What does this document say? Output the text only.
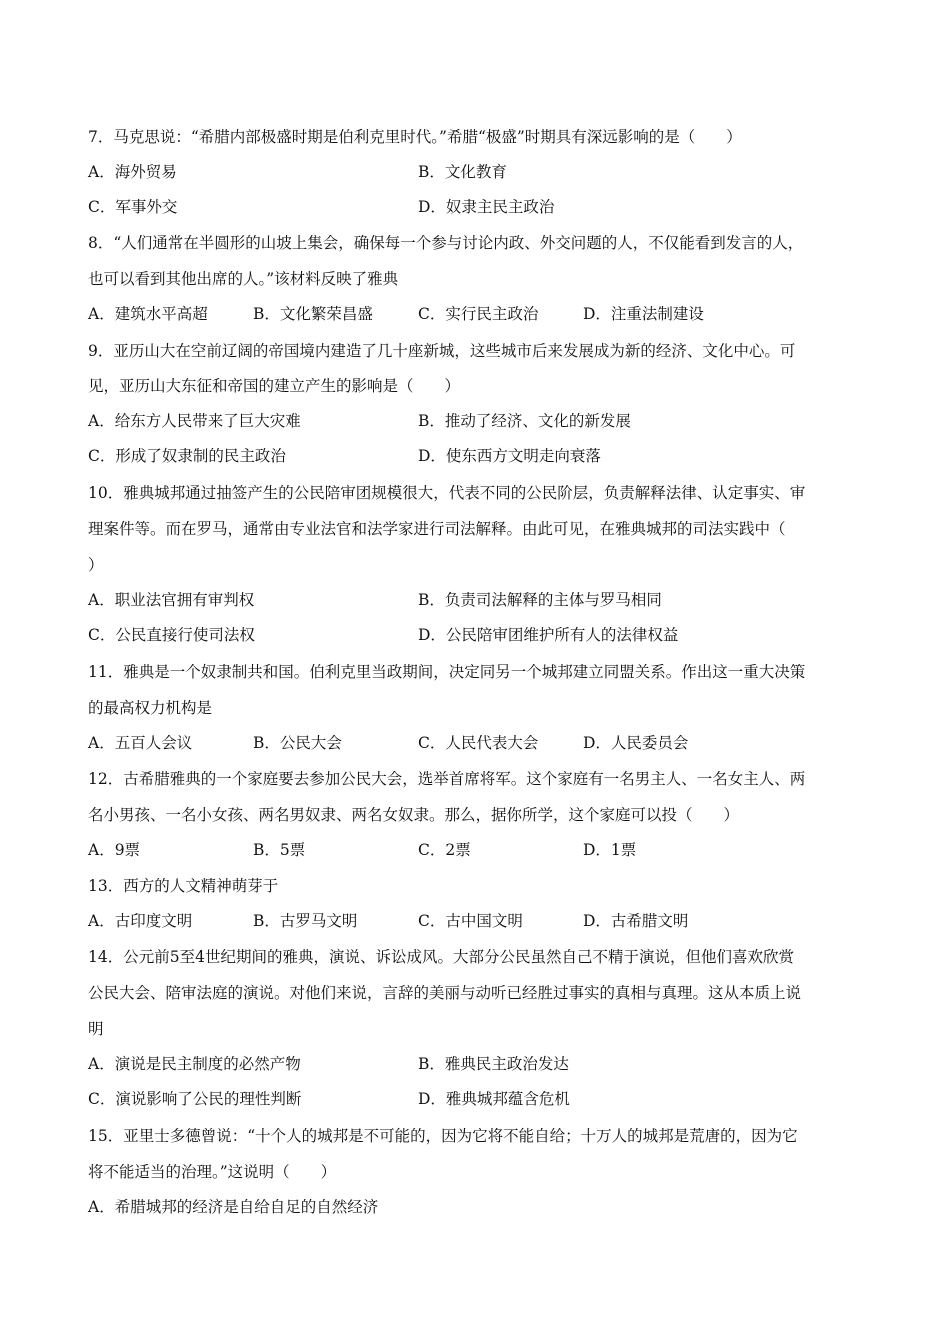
7．马克思说：“希腊内部极盛时期是伯利克里时代。”希腊“极盛”时期具有深远影响的是（　　）
A．海外贸易	B．文化教育
C．军事外交	D．奴隶主民主政治
8．“人们通常在半圆形的山坡上集会，确保每一个参与讨论内政、外交问题的人，不仅能看到发言的人，
也可以看到其他出席的人。”该材料反映了雅典
A．建筑水平高超	B．文化繁荣昌盛	C．实行民主政治	D．注重法制建设
9．亚历山大在空前辽阔的帝国境内建造了几十座新城，这些城市后来发展成为新的经济、文化中心。可
见，亚历山大东征和帝国的建立产生的影响是（　　）
A．给东方人民带来了巨大灾难	B．推动了经济、文化的新发展
C．形成了奴隶制的民主政治	D．使东西方文明走向衰落
10．雅典城邦通过抽签产生的公民陪审团规模很大，代表不同的公民阶层，负责解释法律、认定事实、审
理案件等。而在罗马，通常由专业法官和法学家进行司法解释。由此可见，在雅典城邦的司法实践中（
）
A．职业法官拥有审判权	B．负责司法解释的主体与罗马相同
C．公民直接行使司法权	D．公民陪审团维护所有人的法律权益
11．雅典是一个奴隶制共和国。伯利克里当政期间，决定同另一个城邦建立同盟关系。作出这一重大决策
的最高权力机构是
A．五百人会议	B．公民大会	C．人民代表大会	D．人民委员会
12．古希腊雅典的一个家庭要去参加公民大会，选举首席将军。这个家庭有一名男主人、一名女主人、两
名小男孩、一名小女孩、两名男奴隶、两名女奴隶。那么，据你所学，这个家庭可以投（　　）
A．9票	B．5票	C．2票	D．1票
13．西方的人文精神萌芽于
A．古印度文明	B．古罗马文明	C．古中国文明	D．古希腊文明
14．公元前5至4世纪期间的雅典，演说、诉讼成风。大部分公民虽然自己不精于演说，但他们喜欢欣赏
公民大会、陪审法庭的演说。对他们来说，言辞的美丽与动听已经胜过事实的真相与真理。这从本质上说
明
A．演说是民主制度的必然产物	B．雅典民主政治发达
C．演说影响了公民的理性判断	D．雅典城邦蕴含危机
15．亚里士多德曾说：“十个人的城邦是不可能的，因为它将不能自给；十万人的城邦是荒唐的，因为它
将不能适当的治理。”这说明（　　）
A．希腊城邦的经济是自给自足的自然经济
